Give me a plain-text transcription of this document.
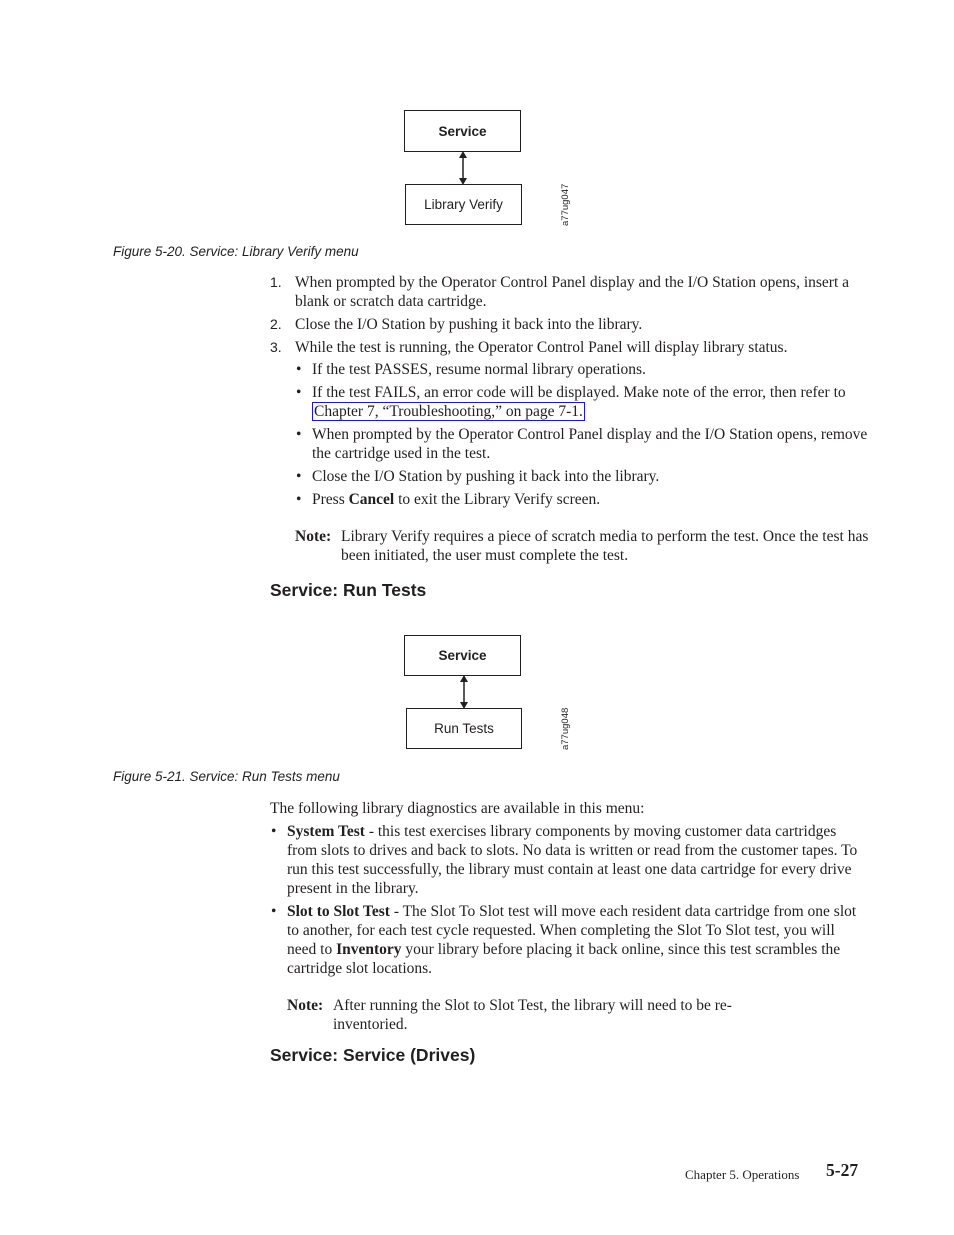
Service
Library Verify	a77ug047
Figure 5-20. Service: Library Verify menu
1. When prompted by the Operator Control Panel display and the I/O Station opens, insert a blank or scratch data cartridge.
2. Close the I/O Station by pushing it back into the library.
3. While the test is running, the Operator Control Panel will display library status.
• If the test PASSES, resume normal library operations.
• If the test FAILS, an error code will be displayed. Make note of the error, then refer to Chapter 7, “Troubleshooting,” on page 7-1.
• When prompted by the Operator Control Panel display and the I/O Station opens, remove the cartridge used in the test.
• Close the I/O Station by pushing it back into the library.
• Press Cancel to exit the Library Verify screen.
Note: Library Verify requires a piece of scratch media to perform the test. Once the test has been initiated, the user must complete the test.
Service: Run Tests
Service
Run Tests	a77ug048
Figure 5-21. Service: Run Tests menu
The following library diagnostics are available in this menu:
• System Test - this test exercises library components by moving customer data cartridges from slots to drives and back to slots. No data is written or read from the customer tapes. To run this test successfully, the library must contain at least one data cartridge for every drive present in the library.
• Slot to Slot Test - The Slot To Slot test will move each resident data cartridge from one slot to another, for each test cycle requested. When completing the Slot To Slot test, you will need to Inventory your library before placing it back online, since this test scrambles the cartridge slot locations.
Note: After running the Slot to Slot Test, the library will need to be re-inventoried.
Service: Service (Drives)
Chapter 5. Operations 5-27
